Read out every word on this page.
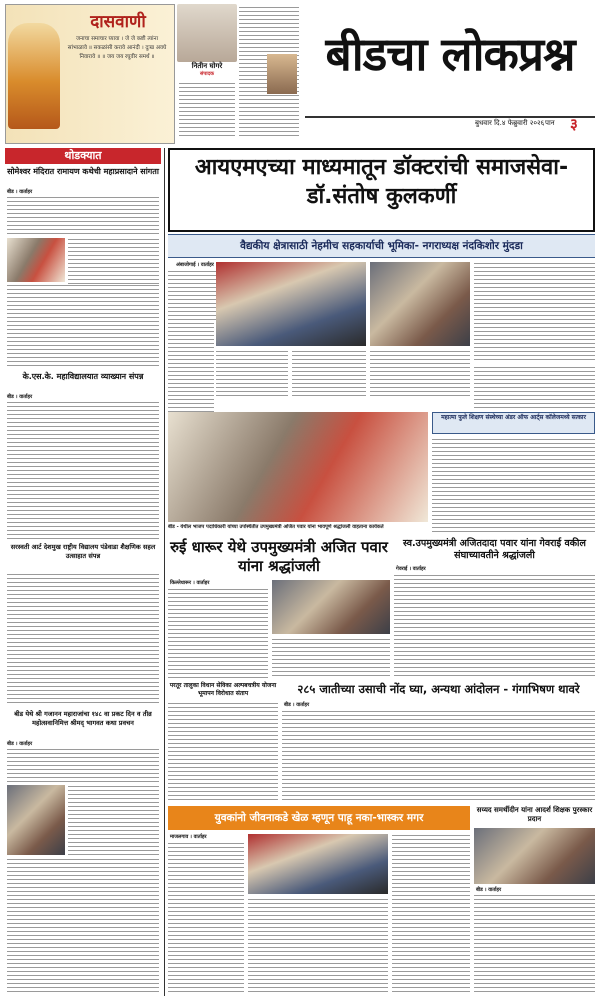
दासवाणी
जनाचा समाचार घ्यावा । जे जे कष्टी त्यांना सांभाळावे ॥ सकळांसी करावे आनंदी । दुःख अवघे निवारावे ॥ ॥ जय जय रघुवीर समर्थ ॥
नितीन घोगरे
संपादक	बीडचा लोकप्रश्न
बुधवार दि.४ फेब्रुवारी २०२६ पान	३
थोडक्यात
सोमेश्वर मंदिरात रामायण कथेची महाप्रसादाने सांगता
बीड । वार्ताहर
के.एस.के. महाविद्यालयात व्याख्यान संपन्न
बीड । वार्ताहर
सरस्वती आर्ट देशमुख राष्ट्रीय विद्यालय पंडेवाडा शैक्षणिक सहल उत्साहात संपन्न
बीड येथे श्री गजानन महाराजांचा १४८ वा प्रकट दिन व तीव्र महोत्सवानिमित्त श्रीमद् भागवत कथा प्रवचन
बीड । वार्ताहर
आयएमएच्या माध्यमातून डॉक्टरांची समाजसेवा-डॉ.संतोष कुलकर्णी
वैद्यकीय क्षेत्रासाठी नेहमीच सहकार्याची भूमिका- नगराध्यक्ष नंदकिशोर मुंदडा
अंबाजोगाई । वार्ताहर
बीड - येथील भाजप पदाधिकारी यांच्या उपस्थितीत उपमुख्यमंत्री अजित पवार यांना भावपूर्ण श्रद्धांजली वाहताना कार्यकर्ते
महात्मा फुले शिक्षण संस्थेच्या अंडर ऑफ आर्ट्स कॉलेजमध्ये सत्कार
रुई धारूर येथे उपमुख्यमंत्री अजित पवार यांना श्रद्धांजली
किल्लेधारूर । वार्ताहर
स्व.उपमुख्यमंत्री अजितदादा पवार यांना गेवराई वकील संघाच्यावतीने श्रद्धांजली
गेवराई । वार्ताहर
परतूर तालुका विधान सेविका अल्पबचत्रीय योजना भूमापन विरोधात संताप	२८५ जातीच्या उसाची नोंद घ्या, अन्यथा आंदोलन - गंगाभिषण थावरे
बीड । वार्ताहर
युवकांनो जीवनाकडे खेळ म्हणून पाहू नका-भास्कर मगर
माजलगाव । वार्ताहर
सय्यद समर्थीदीन यांना आदर्श शिक्षक पुरस्कार प्रदान
बीड । वार्ताहर
